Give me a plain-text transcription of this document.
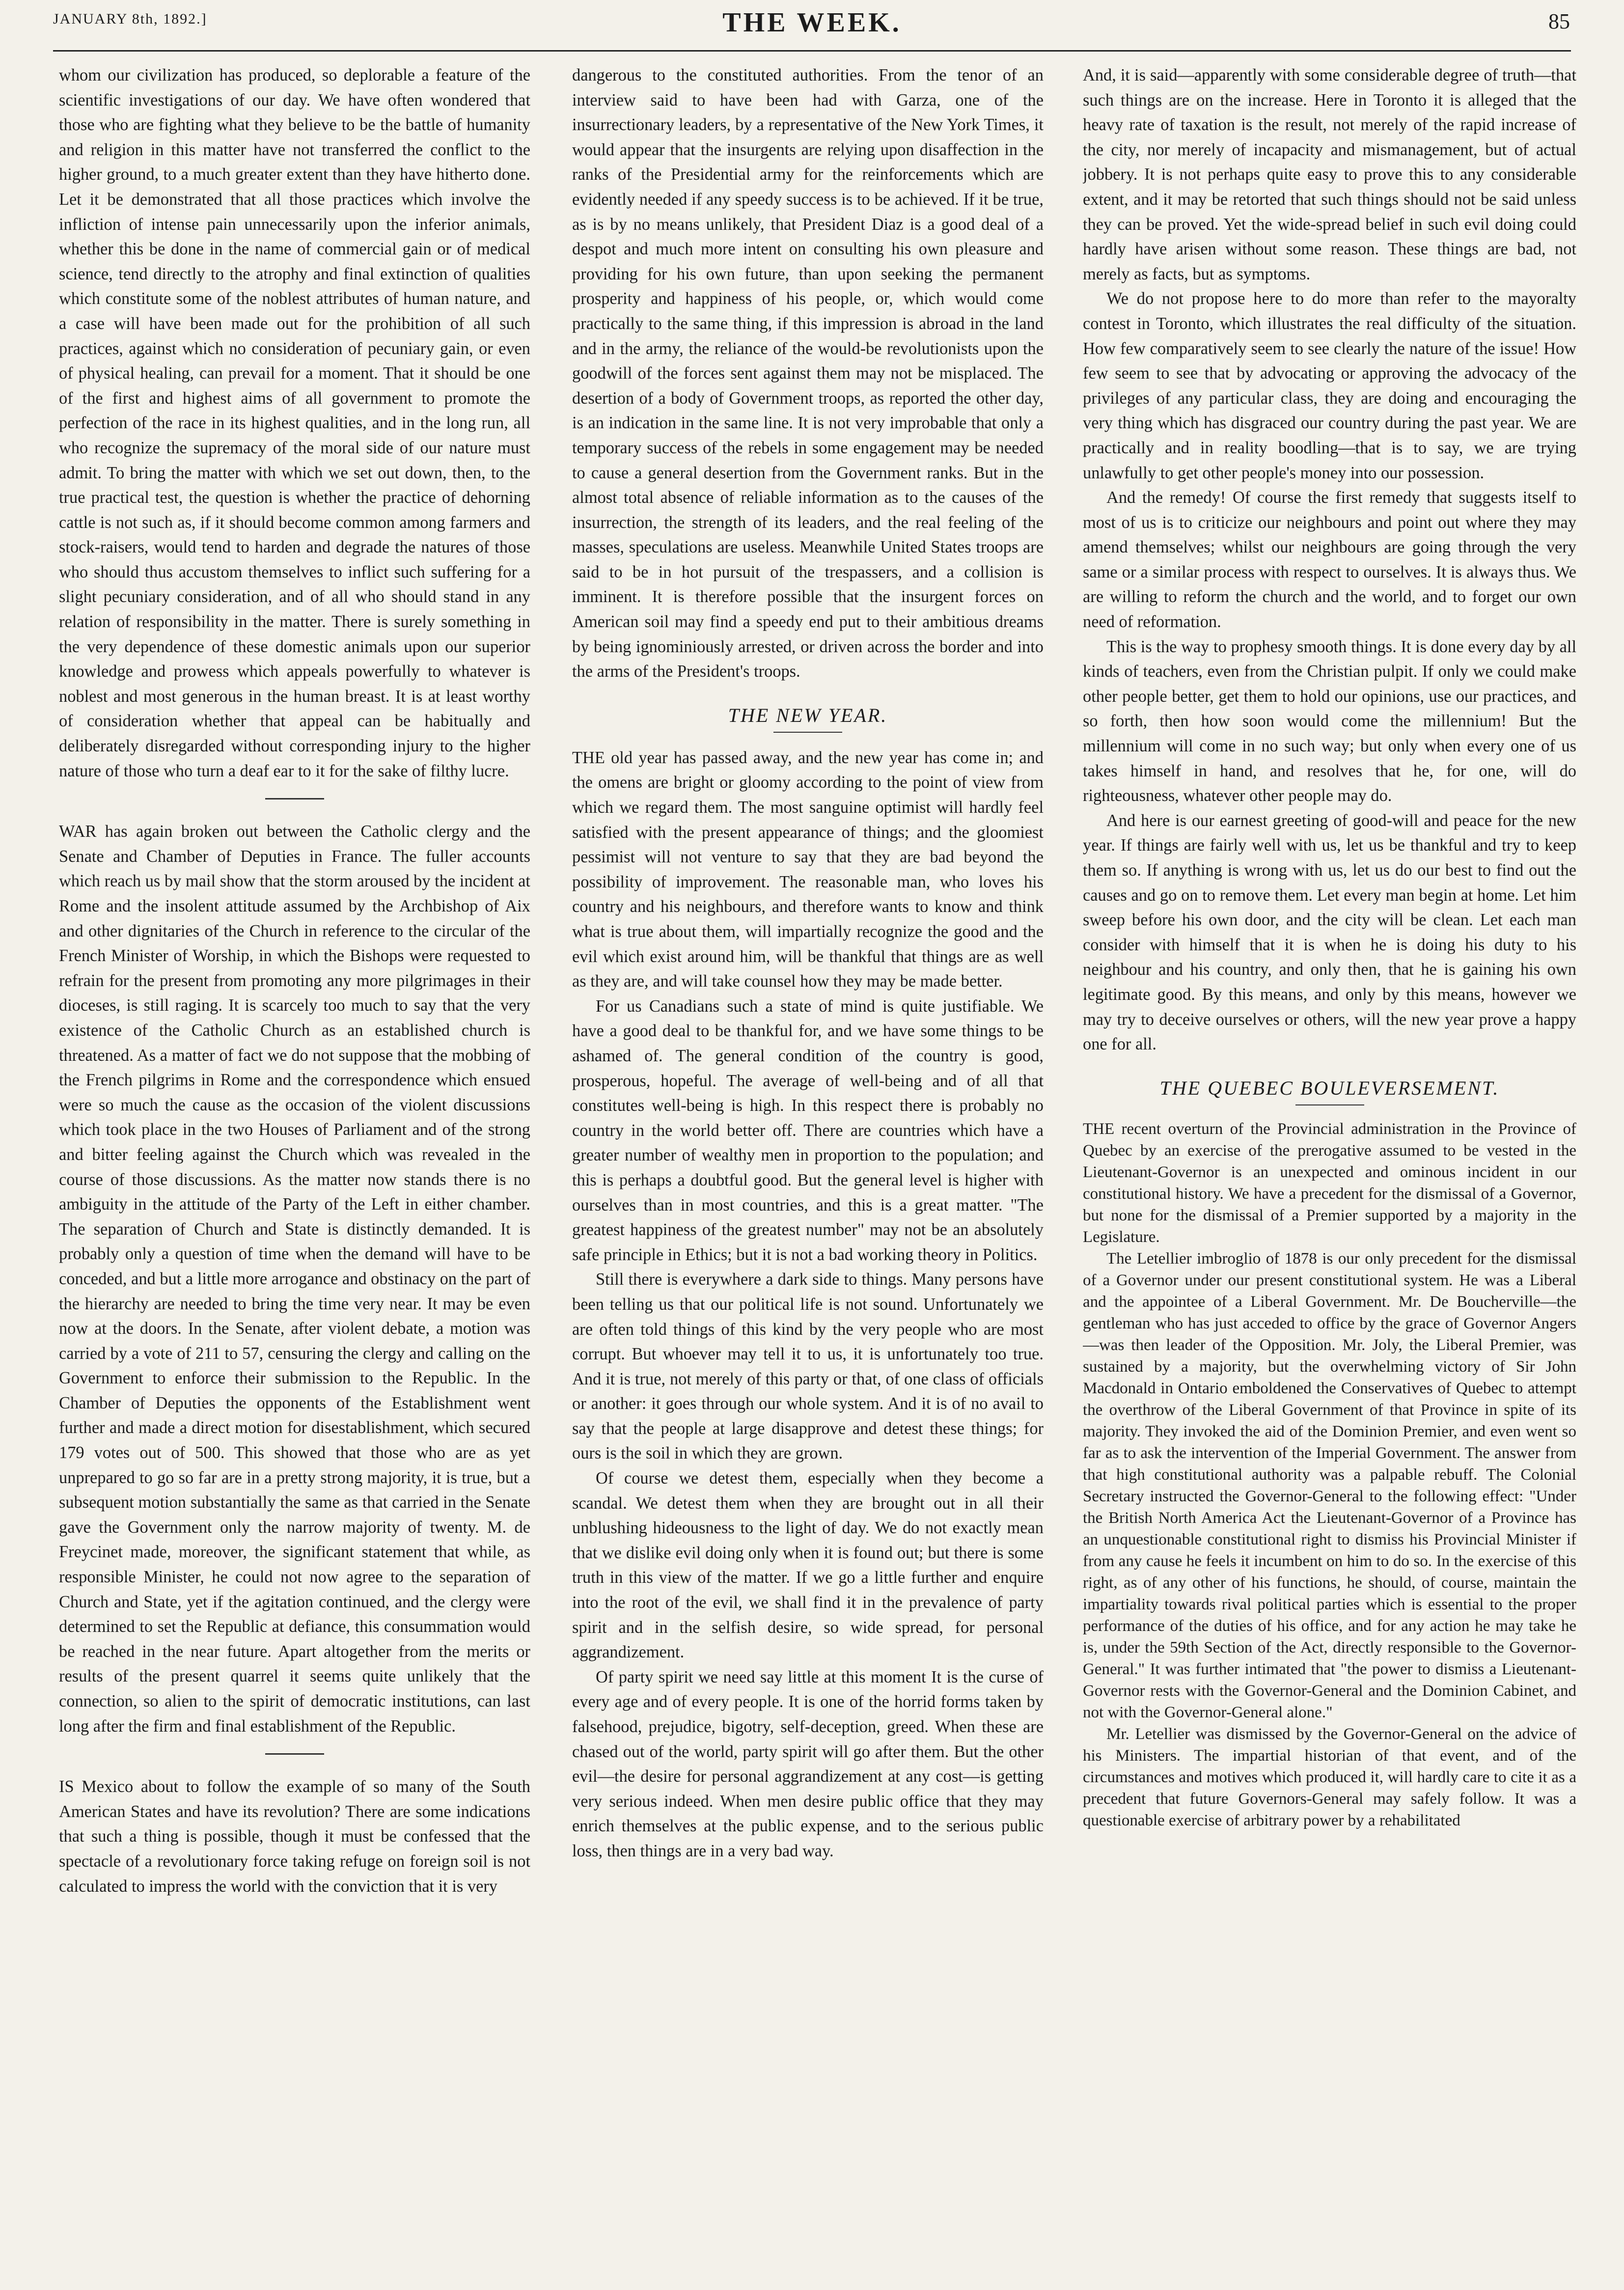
JANUARY 8th, 1892.]	THE WEEK.	85

whom our civilization has produced, so deplorable a feature of the scientific investigations of our day. We have often wondered that those who are fighting what they believe to be the battle of humanity and religion in this matter have not transferred the conflict to the higher ground, to a much greater extent than they have hitherto done. Let it be demonstrated that all those practices which involve the infliction of intense pain unnecessarily upon the inferior animals, whether this be done in the name of commercial gain or of medical science, tend directly to the atrophy and final extinction of qualities which constitute some of the noblest attributes of human nature, and a case will have been made out for the prohibition of all such practices, against which no consideration of pecuniary gain, or even of physical healing, can prevail for a moment. That it should be one of the first and highest aims of all government to promote the perfection of the race in its highest qualities, and in the long run, all who recognize the supremacy of the moral side of our nature must admit. To bring the matter with which we set out down, then, to the true practical test, the question is whether the practice of dehorning cattle is not such as, if it should become common among farmers and stock-raisers, would tend to harden and degrade the natures of those who should thus accustom themselves to inflict such suffering for a slight pecuniary consideration, and of all who should stand in any relation of responsibility in the matter. There is surely something in the very dependence of these domestic animals upon our superior knowledge and prowess which appeals powerfully to whatever is noblest and most generous in the human breast. It is at least worthy of consideration whether that appeal can be habitually and deliberately disregarded without corresponding injury to the higher nature of those who turn a deaf ear to it for the sake of filthy lucre.

WAR has again broken out between the Catholic clergy and the Senate and Chamber of Deputies in France. The fuller accounts which reach us by mail show that the storm aroused by the incident at Rome and the insolent attitude assumed by the Archbishop of Aix and other dignitaries of the Church in reference to the circular of the French Minister of Worship, in which the Bishops were requested to refrain for the present from promoting any more pilgrimages in their dioceses, is still raging. It is scarcely too much to say that the very existence of the Catholic Church as an established church is threatened. As a matter of fact we do not suppose that the mobbing of the French pilgrims in Rome and the correspondence which ensued were so much the cause as the occasion of the violent discussions which took place in the two Houses of Parliament and of the strong and bitter feeling against the Church which was revealed in the course of those discussions. As the matter now stands there is no ambiguity in the attitude of the Party of the Left in either chamber. The separation of Church and State is distinctly demanded. It is probably only a question of time when the demand will have to be conceded, and but a little more arrogance and obstinacy on the part of the hierarchy are needed to bring the time very near. It may be even now at the doors. In the Senate, after violent debate, a motion was carried by a vote of 211 to 57, censuring the clergy and calling on the Government to enforce their submission to the Republic. In the Chamber of Deputies the opponents of the Establishment went further and made a direct motion for disestablishment, which secured 179 votes out of 500. This showed that those who are as yet unprepared to go so far are in a pretty strong majority, it is true, but a subsequent motion substantially the same as that carried in the Senate gave the Government only the narrow majority of twenty. M. de Freycinet made, moreover, the significant statement that while, as responsible Minister, he could not now agree to the separation of Church and State, yet if the agitation continued, and the clergy were determined to set the Republic at defiance, this consummation would be reached in the near future. Apart altogether from the merits or results of the present quarrel it seems quite unlikely that the connection, so alien to the spirit of democratic institutions, can last long after the firm and final establishment of the Republic.

IS Mexico about to follow the example of so many of the South American States and have its revolution? There are some indications that such a thing is possible, though it must be confessed that the spectacle of a revolutionary force taking refuge on foreign soil is not calculated to impress the world with the conviction that it is very

dangerous to the constituted authorities. From the tenor of an interview said to have been had with Garza, one of the insurrectionary leaders, by a representative of the New York Times, it would appear that the insurgents are relying upon disaffection in the ranks of the Presidential army for the reinforcements which are evidently needed if any speedy success is to be achieved. If it be true, as is by no means unlikely, that President Diaz is a good deal of a despot and much more intent on consulting his own pleasure and providing for his own future, than upon seeking the permanent prosperity and happiness of his people, or, which would come practically to the same thing, if this impression is abroad in the land and in the army, the reliance of the would-be revolutionists upon the goodwill of the forces sent against them may not be misplaced. The desertion of a body of Government troops, as reported the other day, is an indication in the same line. It is not very improbable that only a temporary success of the rebels in some engagement may be needed to cause a general desertion from the Government ranks. But in the almost total absence of reliable information as to the causes of the insurrection, the strength of its leaders, and the real feeling of the masses, speculations are useless. Meanwhile United States troops are said to be in hot pursuit of the trespassers, and a collision is imminent. It is therefore possible that the insurgent forces on American soil may find a speedy end put to their ambitious dreams by being ignominiously arrested, or driven across the border and into the arms of the President's troops.

THE NEW YEAR.

THE old year has passed away, and the new year has come in; and the omens are bright or gloomy according to the point of view from which we regard them. The most sanguine optimist will hardly feel satisfied with the present appearance of things; and the gloomiest pessimist will not venture to say that they are bad beyond the possibility of improvement. The reasonable man, who loves his country and his neighbours, and therefore wants to know and think what is true about them, will impartially recognize the good and the evil which exist around him, will be thankful that things are as well as they are, and will take counsel how they may be made better.

For us Canadians such a state of mind is quite justifiable. We have a good deal to be thankful for, and we have some things to be ashamed of. The general condition of the country is good, prosperous, hopeful. The average of well-being and of all that constitutes well-being is high. In this respect there is probably no country in the world better off. There are countries which have a greater number of wealthy men in proportion to the population; and this is perhaps a doubtful good. But the general level is higher with ourselves than in most countries, and this is a great matter. "The greatest happiness of the greatest number" may not be an absolutely safe principle in Ethics; but it is not a bad working theory in Politics.

Still there is everywhere a dark side to things. Many persons have been telling us that our political life is not sound. Unfortunately we are often told things of this kind by the very people who are most corrupt. But whoever may tell it to us, it is unfortunately too true. And it is true, not merely of this party or that, of one class of officials or another: it goes through our whole system. And it is of no avail to say that the people at large disapprove and detest these things; for ours is the soil in which they are grown.

Of course we detest them, especially when they become a scandal. We detest them when they are brought out in all their unblushing hideousness to the light of day. We do not exactly mean that we dislike evil doing only when it is found out; but there is some truth in this view of the matter. If we go a little further and enquire into the root of the evil, we shall find it in the prevalence of party spirit and in the selfish desire, so wide spread, for personal aggrandizement.

Of party spirit we need say little at this moment It is the curse of every age and of every people. It is one of the horrid forms taken by falsehood, prejudice, bigotry, self-deception, greed. When these are chased out of the world, party spirit will go after them. But the other evil—the desire for personal aggrandizement at any cost—is getting very serious indeed. When men desire public office that they may enrich themselves at the public expense, and to the serious public loss, then things are in a very bad way.

And, it is said—apparently with some considerable degree of truth—that such things are on the increase. Here in Toronto it is alleged that the heavy rate of taxation is the result, not merely of the rapid increase of the city, nor merely of incapacity and mismanagement, but of actual jobbery. It is not perhaps quite easy to prove this to any considerable extent, and it may be retorted that such things should not be said unless they can be proved. Yet the wide-spread belief in such evil doing could hardly have arisen without some reason. These things are bad, not merely as facts, but as symptoms.

We do not propose here to do more than refer to the mayoralty contest in Toronto, which illustrates the real difficulty of the situation. How few comparatively seem to see clearly the nature of the issue! How few seem to see that by advocating or approving the advocacy of the privileges of any particular class, they are doing and encouraging the very thing which has disgraced our country during the past year. We are practically and in reality boodling—that is to say, we are trying unlawfully to get other people's money into our possession.

And the remedy! Of course the first remedy that suggests itself to most of us is to criticize our neighbours and point out where they may amend themselves; whilst our neighbours are going through the very same or a similar process with respect to ourselves. It is always thus. We are willing to reform the church and the world, and to forget our own need of reformation.

This is the way to prophesy smooth things. It is done every day by all kinds of teachers, even from the Christian pulpit. If only we could make other people better, get them to hold our opinions, use our practices, and so forth, then how soon would come the millennium! But the millennium will come in no such way; but only when every one of us takes himself in hand, and resolves that he, for one, will do righteousness, whatever other people may do.

And here is our earnest greeting of good-will and peace for the new year. If things are fairly well with us, let us be thankful and try to keep them so. If anything is wrong with us, let us do our best to find out the causes and go on to remove them. Let every man begin at home. Let him sweep before his own door, and the city will be clean. Let each man consider with himself that it is when he is doing his duty to his neighbour and his country, and only then, that he is gaining his own legitimate good. By this means, and only by this means, however we may try to deceive ourselves or others, will the new year prove a happy one for all.

THE QUEBEC BOULEVERSEMENT.

THE recent overturn of the Provincial administration in the Province of Quebec by an exercise of the prerogative assumed to be vested in the Lieutenant-Governor is an unexpected and ominous incident in our constitutional history. We have a precedent for the dismissal of a Governor, but none for the dismissal of a Premier supported by a majority in the Legislature.

The Letellier imbroglio of 1878 is our only precedent for the dismissal of a Governor under our present constitutional system. He was a Liberal and the appointee of a Liberal Government. Mr. De Boucherville—the gentleman who has just acceded to office by the grace of Governor Angers—was then leader of the Opposition. Mr. Joly, the Liberal Premier, was sustained by a majority, but the overwhelming victory of Sir John Macdonald in Ontario emboldened the Conservatives of Quebec to attempt the overthrow of the Liberal Government of that Province in spite of its majority. They invoked the aid of the Dominion Premier, and even went so far as to ask the intervention of the Imperial Government. The answer from that high constitutional authority was a palpable rebuff. The Colonial Secretary instructed the Governor-General to the following effect: "Under the British North America Act the Lieutenant-Governor of a Province has an unquestionable constitutional right to dismiss his Provincial Minister if from any cause he feels it incumbent on him to do so. In the exercise of this right, as of any other of his functions, he should, of course, maintain the impartiality towards rival political parties which is essential to the proper performance of the duties of his office, and for any action he may take he is, under the 59th Section of the Act, directly responsible to the Governor-General." It was further intimated that "the power to dismiss a Lieutenant-Governor rests with the Governor-General and the Dominion Cabinet, and not with the Governor-General alone."

Mr. Letellier was dismissed by the Governor-General on the advice of his Ministers. The impartial historian of that event, and of the circumstances and motives which produced it, will hardly care to cite it as a precedent that future Governors-General may safely follow. It was a questionable exercise of arbitrary power by a rehabilitated
